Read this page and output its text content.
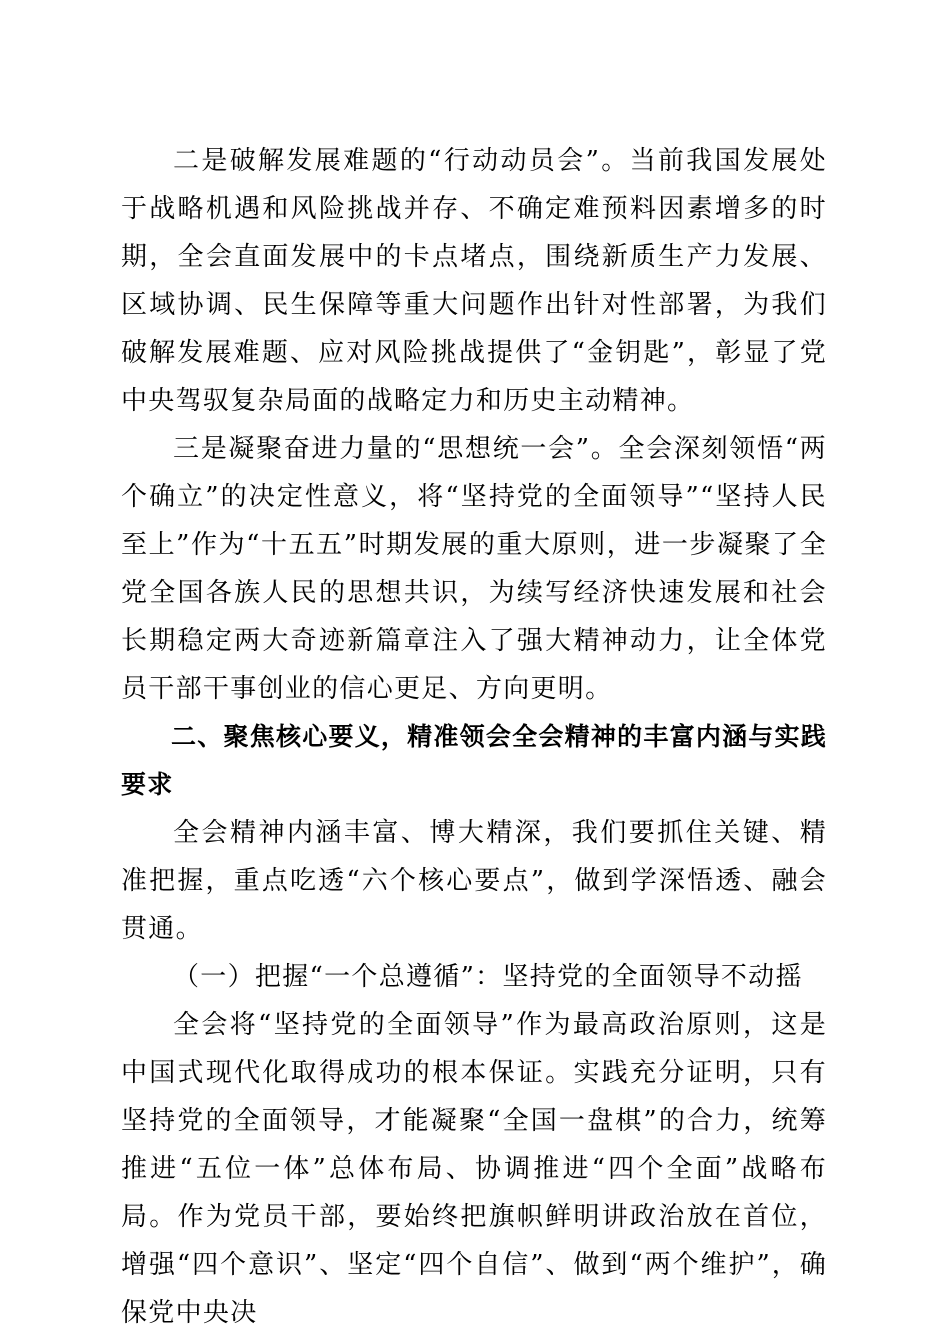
二是破解发展难题的“行动动员会”。当前我国发展处于战略机遇和风险挑战并存、不确定难预料因素增多的时期，全会直面发展中的卡点堵点，围绕新质生产力发展、区域协调、民生保障等重大问题作出针对性部署，为我们破解发展难题、应对风险挑战提供了“金钥匙”，彰显了党中央驾驭复杂局面的战略定力和历史主动精神。

三是凝聚奋进力量的“思想统一会”。全会深刻领悟“两个确立”的决定性意义，将“坚持党的全面领导”“坚持人民至上”作为“十五五”时期发展的重大原则，进一步凝聚了全党全国各族人民的思想共识，为续写经济快速发展和社会长期稳定两大奇迹新篇章注入了强大精神动力，让全体党员干部干事创业的信心更足、方向更明。

二、聚焦核心要义，精准领会全会精神的丰富内涵与实践要求

全会精神内涵丰富、博大精深，我们要抓住关键、精准把握，重点吃透“六个核心要点”，做到学深悟透、融会贯通。

（一）把握“一个总遵循”：坚持党的全面领导不动摇

全会将“坚持党的全面领导”作为最高政治原则，这是中国式现代化取得成功的根本保证。实践充分证明，只有坚持党的全面领导，才能凝聚“全国一盘棋”的合力，统筹推进“五位一体”总体布局、协调推进“四个全面”战略布局。作为党员干部，要始终把旗帜鲜明讲政治放在首位，增强“四个意识”、坚定“四个自信”、做到“两个维护”，确保党中央决
